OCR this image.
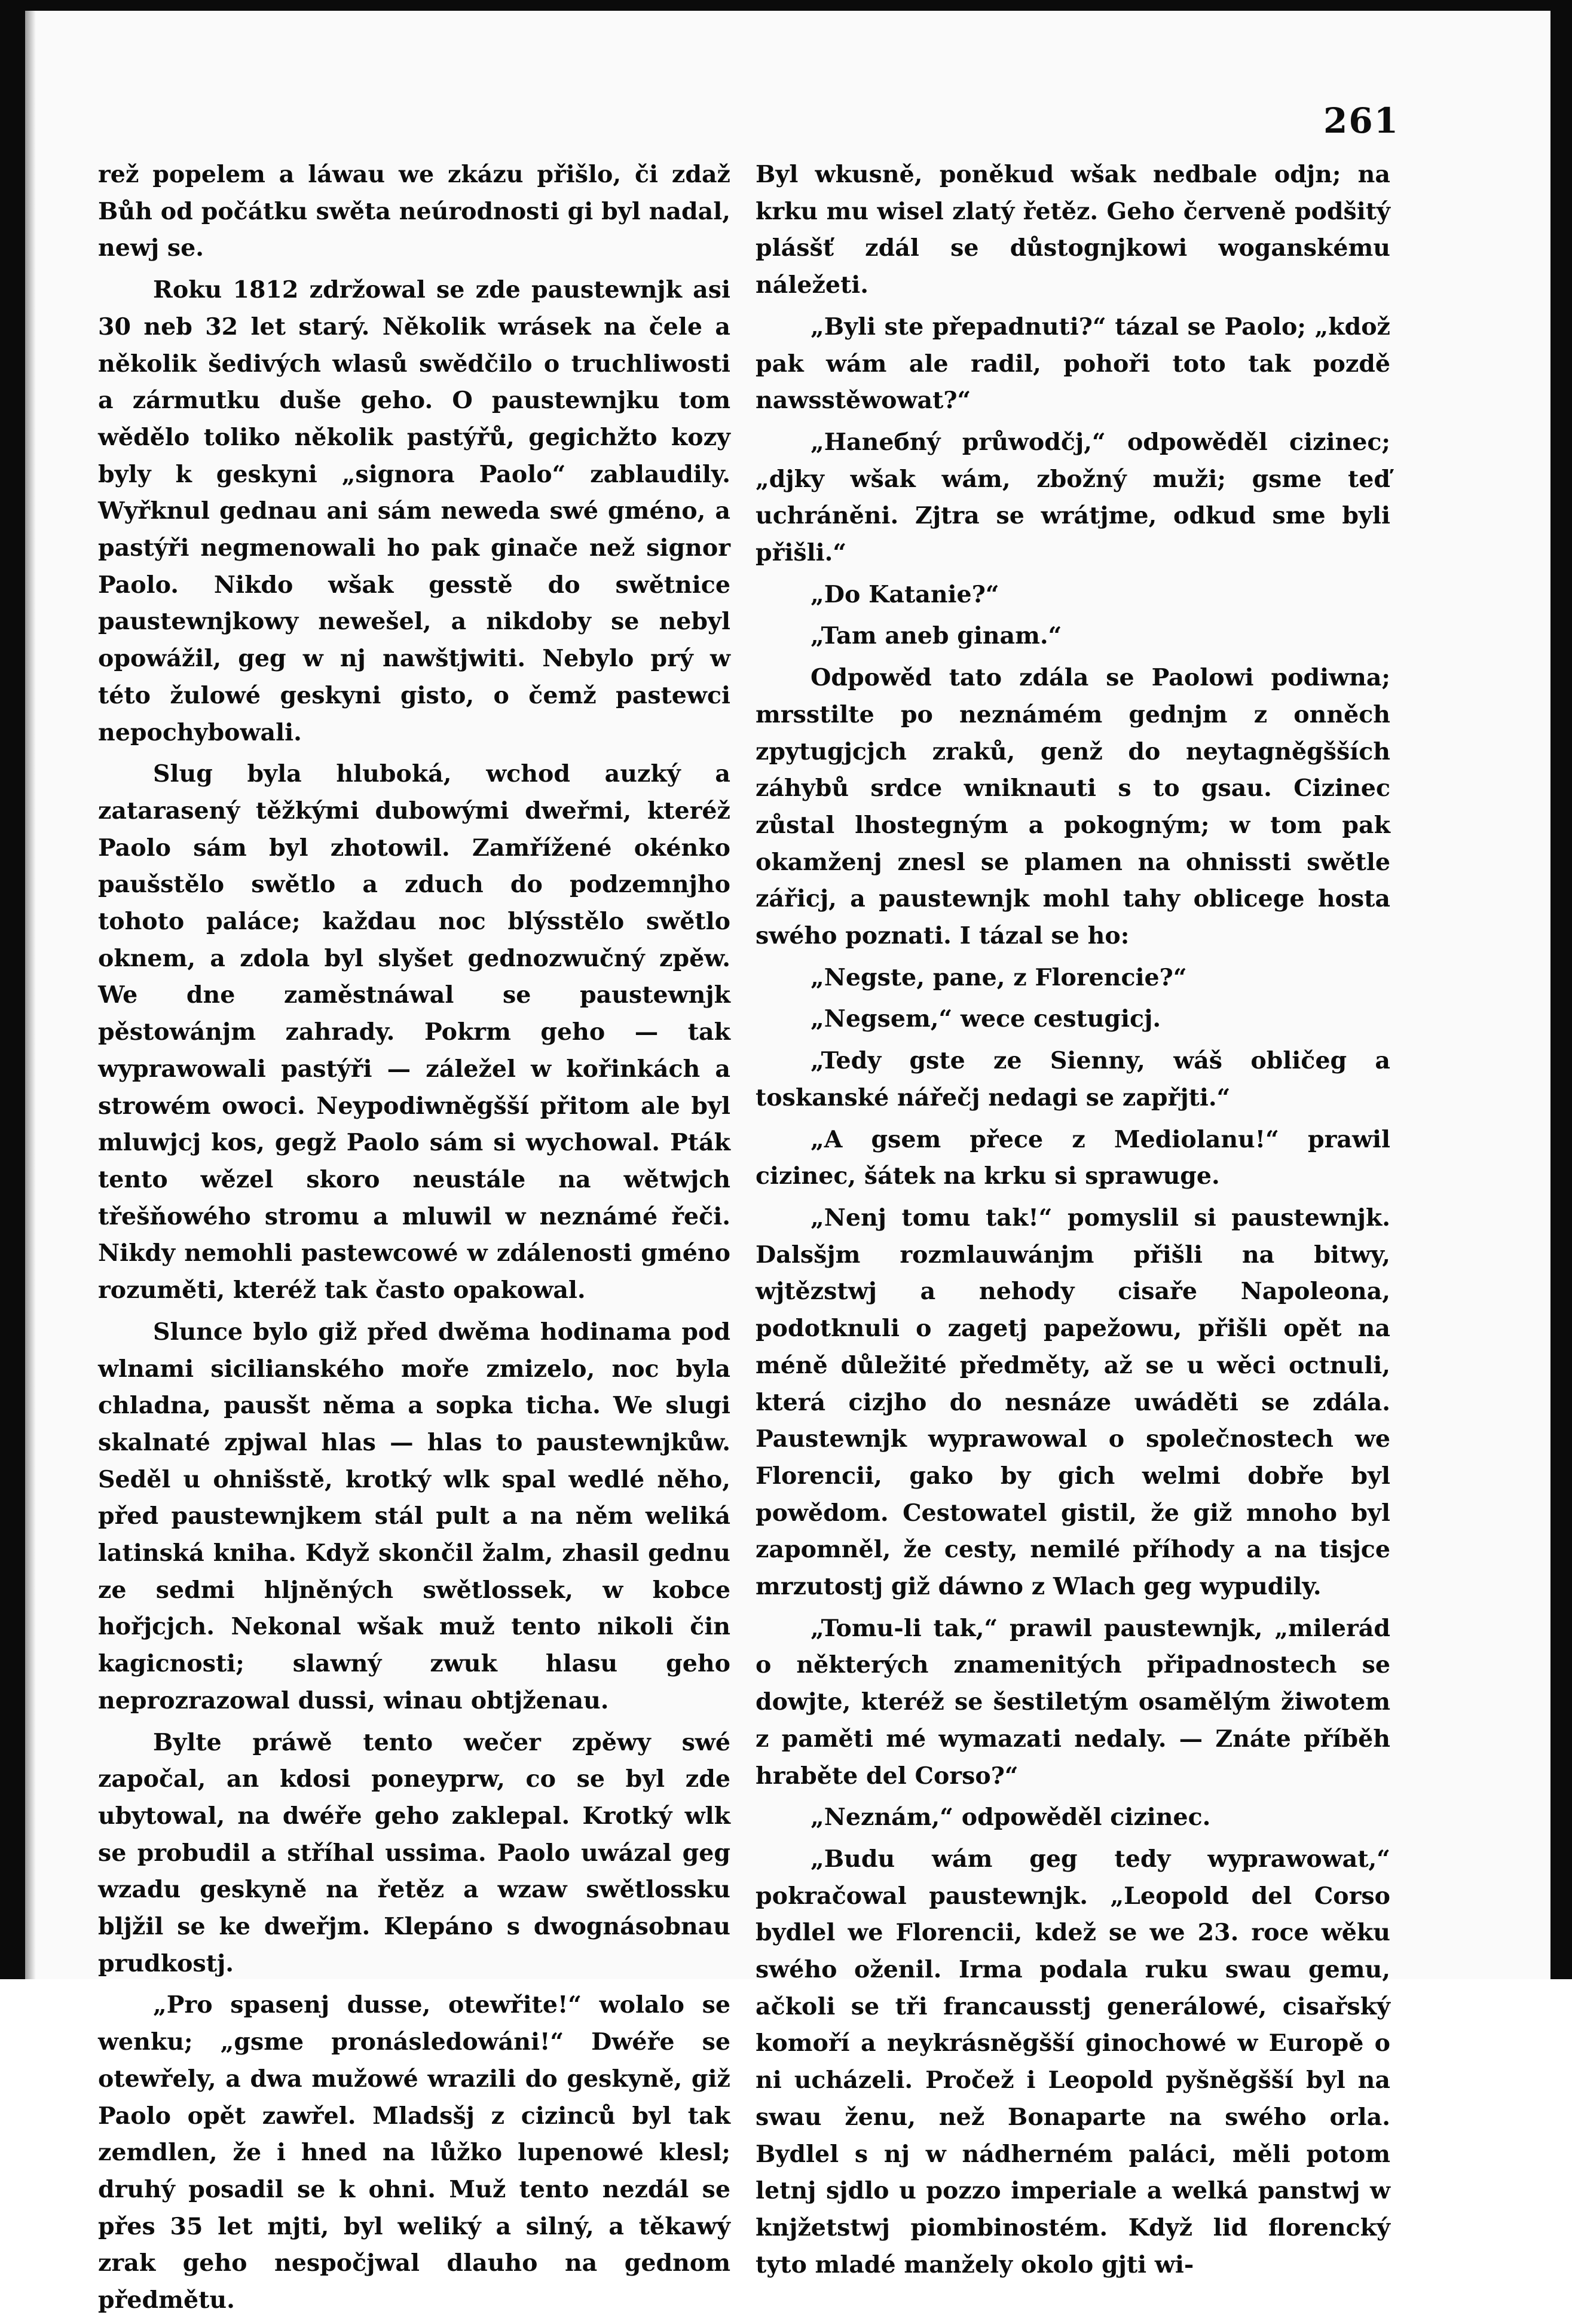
261

rež popelem a láwau we zkázu přišlo, či zdaž Bůh od počátku swěta neúrodnosti gi byl nadal, newj se.

Roku 1812 zdržowal se zde paustewnjk asi 30 neb 32 let starý. Několik wrásek na čele a několik šedivých wlasů swědčilo o truchliwosti a zármutku duše geho. O paustewnjku tom wědělo toliko několik pastýřů, gegichžto kozy byly k geskyni „signora Paolo“ zablaudily. Wyřknul gednau ani sám neweda swé gméno, a pastýři negmenowali ho pak ginače než signor Paolo. Nikdo wšak gesstě do swětnice paustewnjkowy newešel, a nikdoby se nebyl opowážil, geg w nj nawštjwiti. Nebylo prý w této žulowé geskyni gisto, o čemž pastewci nepochybowali.

Slug byla hluboká, wchod auzký a zatarasený těžkými dubowými dweřmi, kteréž Paolo sám byl zhotowil. Zamřížené okénko paušstělo swětlo a zduch do podzemnjho tohoto paláce; každau noc blýsstělo swětlo oknem, a zdola byl slyšet gednozwučný zpěw. We dne zaměstnáwal se paustewnjk pěstowánjm zahrady. Pokrm geho — tak wyprawowali pastýři — záležel w kořinkách a strowém owoci. Neypodiwněgšší přitom ale byl mluwjcj kos, gegž Paolo sám si wychowal. Pták tento wězel skoro neustále na wětwjch třešňowého stromu a mluwil w neznámé řeči. Nikdy nemohli pastewcowé w zdálenosti gméno rozuměti, kteréž tak často opakowal.

Slunce bylo giž před dwěma hodinama pod wlnami sicilianského moře zmizelo, noc byla chladna, pausšt němа a sopka tichа. We slugi skalnaté zpjwal hlas — hlas to paustewnjkůw. Seděl u ohnišstě, krotký wlk spal wedlé něho, před paustewnjkem stál pult a na něm weliká latinská kniha. Když skončil žalm, zhasil gednu ze sedmi hljněných swětlossek, w kobce hořjcjch. Nekonal wšak muž tento nikoli čin kagicnosti; slawný zwuk hlasu geho neprozrazowal dussi, winau obtjženau.

Bylte práwě tento wečer zpěwy swé započal, an kdosi poneyprw, co se byl zde ubytowal, na dwéře geho zaklepal. Krotký wlk se probudil a stříhal ussima. Paolo uwázal geg wzadu geskyně na řetěz a wzaw swětlossku bljžil se ke dweřjm. Klepáno s dwognásobnau prudkostj.

„Pro spasenj dusse, otewřite!“ wolalo se wenku; „gsme pronásledowáni!“ Dwéře se otewřely, a dwa mužowé wrazili do geskyně, giž Paolo opět zawřel. Mladsšj z cizinců byl tak zemdlen, že i hned na lůžko lupenowé klesl; druhý posadil se k ohni. Muž tento nezdál se přes 35 let mjti, byl weliký a silný, a těkawý zrak geho nespočjwal dlauho na gednom předmětu.

Byl wkusně, poněkud wšak nedbale odjn; na krku mu wisel zlatý řetěz. Geho červeně podšitý plásšť zdál se důstognjkowi woganskému náležeti.

„Byli ste přepadnuti?“ tázal se Paolo; „kdož pak wám ale radil, pohoři toto tak pozdě nawsstěwowat?“

„Haneбný průwodčj,“ odpowěděl cizinec; „djky wšak wám, zbožný muži; gsme teď uchráněni. Zjtra se wrátjme, odkud sme byli přišli.“

„Do Katanie?“

„Tam aneb ginam.“

Odpowěd tato zdála se Paolowi podiwna; mrsstilte po neznámém gednjm z onněch zpytugjcjch zraků, genž do neytagněgšších záhybů srdce wniknauti s to gsau. Cizinec zůstal lhostegným a pokogným; w tom pak okamženj znesl se plamen na ohnissti swětle zářicj, a paustewnjk mohl tahy oblicege hosta swého poznati. I tázal se ho:

„Negste, pane, z Florencie?“

„Negsem,“ wece cestugicj.

„Tedy gste ze Sienny, wáš obličeg a toskanské nářečj nedagi se zapřjti.“

„A gsem přece z Mediolanu!“ prawil cizinec, šátek na krku si sprawuge.

„Nenj tomu tak!“ pomyslil si paustewnjk. Dalsšjm rozmlauwánjm přišli na bitwy, wjtězstwj a nehody cisaře Napoleona, podotknuli o zagetj papežowu, přišli opět na méně důležité předměty, až se u wěci octnuli, která cizjho do nesnáze uwáděti se zdála. Paustewnjk wyprawowal o společnostech we Florencii, gako by gich welmi dobře byl powědom. Cestowatel gistil, že giž mnoho byl zapomněl, že cesty, nemilé příhody a na tisjce mrzutostj giž dáwno z Wlach geg wypudily.

„Tomu-li tak,“ prawil paustewnjk, „milerád o některých znamenitých připadnostech se dowjte, kteréž se šestiletým osamělým žiwotem z paměti mé wymazati nedaly. — Znáte příběh hraběte del Corso?“

„Neznám,“ odpowěděl cizinec.

„Budu wám geg tedy wyprawowat,“ pokračowal paustewnjk. „Leopold del Corso bydlel we Florencii, kdež se we 23. roce wěku swého oženil. Irma podala ruku swau gemu, ačkoli se tři francausstj generálowé, cisařský komoří a neykrásněgšší ginochowé w Europě o ni ucházeli. Pročež i Leopold pyšněgšší byl na swau ženu, než Bonaparte na swého orla. Bydlel s nj w nádherném paláci, měli potom letnj sjdlo u pozzo imperiale a welká panstwj w knjžetstwj piombinostém. Když lid florencký tyto mladé manžely okolo gjti wi-
